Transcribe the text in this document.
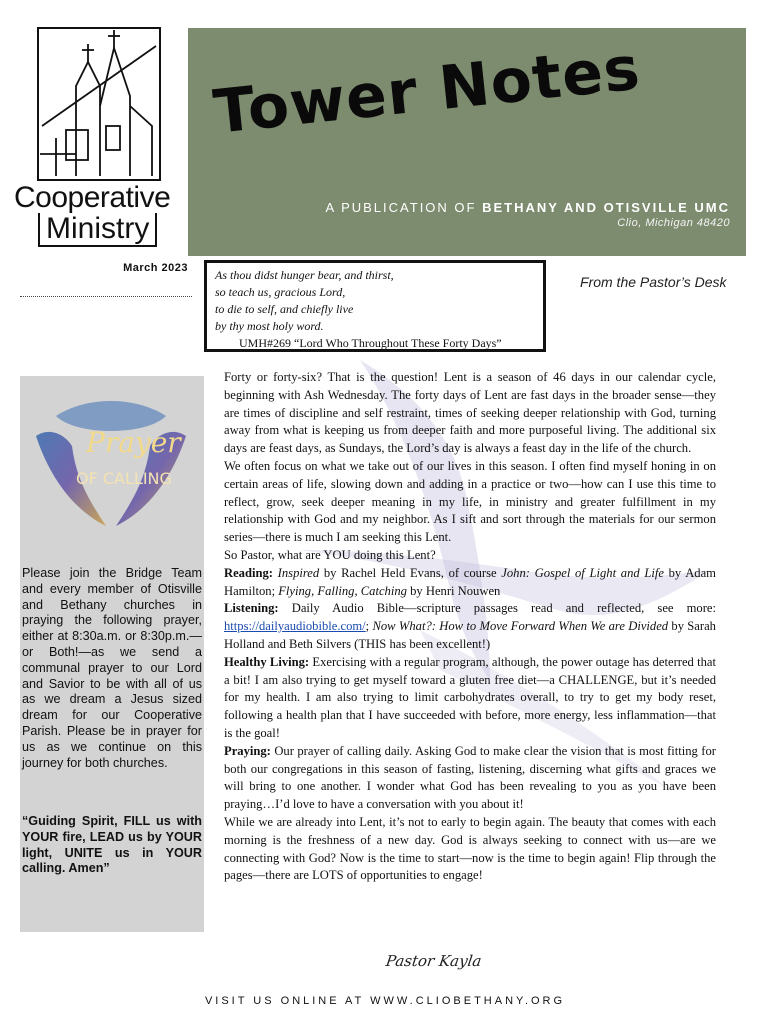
Cooperative
Ministry
Tower Notes
A PUBLICATION OF BETHANY AND OTISVILLE UMC
Clio, Michigan 48420
March 2023 As thou didst hunger bear, and thirst,
so teach us, gracious Lord,
to die to self, and chiefly live
by thy most holy word.
UMH#269 “Lord Who Throughout These Forty Days”
From the Pastor’s Desk
Prayer
OF CALLING
Please join the Bridge Team and every member of Otisville and Bethany churches in praying the following prayer, either at 8:30a.m. or 8:30p.m.—or Both!—as we send a communal prayer to our Lord and Savior to be with all of us as we dream a Jesus sized dream for our Cooperative Parish. Please be in prayer for us as we continue on this journey for both churches.
“Guiding Spirit, FILL us with YOUR fire, LEAD us by YOUR light, UNITE us in YOUR calling. Amen”

Forty or forty-six? That is the question! Lent is a season of 46 days in our calendar cycle, beginning with Ash Wednesday. The forty days of Lent are fast days in the broader sense—they are times of discipline and self restraint, times of seeking deeper relationship with God, turning away from what is keeping us from deeper faith and more purposeful living. The additional six days are feast days, as Sundays, the Lord’s day is always a feast day in the life of the church.

We often focus on what we take out of our lives in this season. I often find myself honing in on certain areas of life, slowing down and adding in a practice or two—how can I use this time to reflect, grow, seek deeper meaning in my life, in ministry and greater fulfillment in my relationship with God and my neighbor. As I sift and sort through the materials for our sermon series—there is much I am seeking this Lent.

So Pastor, what are YOU doing this Lent?

Reading: Inspired by Rachel Held Evans, of course John: Gospel of Light and Life by Adam Hamilton; Flying, Falling, Catching by Henri Nouwen

Listening: Daily Audio Bible—scripture passages read and reflected, see more: https://dailyaudiobible.com/; Now What?: How to Move Forward When We are Divided by Sarah Holland and Beth Silvers (THIS has been excellent!)

Healthy Living: Exercising with a regular program, although, the power outage has deterred that a bit! I am also trying to get myself toward a gluten free diet—a CHALLENGE, but it’s needed for my health. I am also trying to limit carbohydrates overall, to try to get my body reset, following a health plan that I have succeeded with before, more energy, less inflammation—that is the goal!

Praying: Our prayer of calling daily. Asking God to make clear the vision that is most fitting for both our congregations in this season of fasting, listening, discerning what gifts and graces we will bring to one another. I wonder what God has been revealing to you as you have been praying…I’d love to have a conversation with you about it!

While we are already into Lent, it’s not to early to begin again. The beauty that comes with each morning is the freshness of a new day. God is always seeking to connect with us—are we connecting with God? Now is the time to start—now is the time to begin again! Flip through the pages—there are LOTS of opportunities to engage!

Pastor Kayla
VISIT US ONLINE AT WWW.CLIOBETHANY.ORG
